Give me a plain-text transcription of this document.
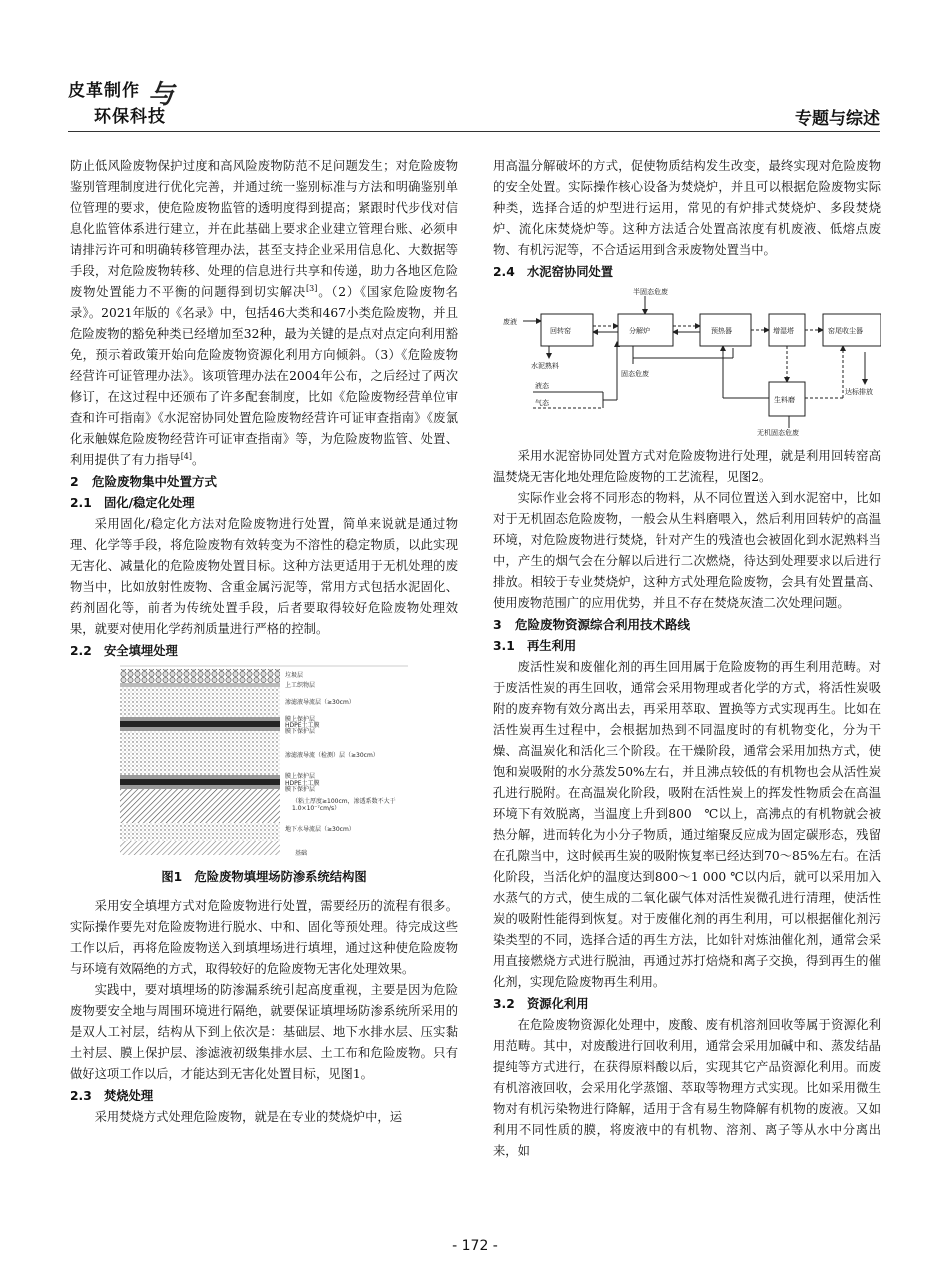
皮革制作 与
环保科技	专题与综述

防止低风险废物保护过度和高风险废物防范不足问题发生；对危险废物鉴别管理制度进行优化完善，并通过统一鉴别标准与方法和明确鉴别单位管理的要求，使危险废物监管的透明度得到提高；紧跟时代步伐对信息化监管体系进行建立，并在此基础上要求企业建立管理台账、必须申请排污许可和明确转移管理办法，甚至支持企业采用信息化、大数据等手段，对危险废物转移、处理的信息进行共享和传递，助力各地区危险废物处置能力不平衡的问题得到切实解决[3]。（2）《国家危险废物名录》。2021年版的《名录》中，包括46大类和467小类危险废物，并且危险废物的豁免种类已经增加至32种，最为关键的是点对点定向利用豁免，预示着政策开始向危险废物资源化利用方向倾斜。（3）《危险废物经营许可证管理办法》。该项管理办法在2004年公布，之后经过了两次修订，在这过程中还颁布了许多配套制度，比如《危险废物经营单位审查和许可指南》《水泥窑协同处置危险废物经营许可证审查指南》《废氯化汞触媒危险废物经营许可证审查指南》等，为危险废物监管、处置、利用提供了有力指导[4]。

2 危险废物集中处置方式
2.1 固化/稳定化处理

采用固化/稳定化方法对危险废物进行处置，简单来说就是通过物理、化学等手段，将危险废物有效转变为不溶性的稳定物质，以此实现无害化、减量化的危险废物处置目标。这种方法更适用于无机处理的废物当中，比如放射性废物、含重金属污泥等，常用方式包括水泥固化、药剂固化等，前者为传统处置手段，后者要取得较好危险废物处理效果，就要对使用化学药剂质量进行严格的控制。

2.2 安全填埋处理
垃圾层
上工织物层
渗滤液导流层（≥30cm）
膜上保护层
HDPE土工膜
膜下保护层
渗滤液导流（检测）层（≥30cm）
膜上保护层
HDPE土工膜
膜下保护层
（粘土厚度≥100cm，渗透系数不大于
1.0×10⁻⁷cm/s）
地下水导流层（≥30cm）
基础
图1　 危险废物填埋场防渗系统结构图

采用安全填埋方式对危险废物进行处置，需要经历的流程有很多。实际操作要先对危险废物进行脱水、中和、固化等预处理。待完成这些工作以后，再将危险废物送入到填埋场进行填埋，通过这种使危险废物与环境有效隔绝的方式，取得较好的危险废物无害化处理效果。

实践中，要对填埋场的防渗漏系统引起高度重视，主要是因为危险废物要安全地与周围环境进行隔绝，就要保证填埋场防渗系统所采用的是双人工衬层，结构从下到上依次是：基础层、地下水排水层、压实黏土衬层、膜上保护层、渗滤液初级集排水层、土工布和危险废物。只有做好这项工作以后，才能达到无害化处置目标，见图1。

2.3 焚烧处理

采用焚烧方式处理危险废物，就是在专业的焚烧炉中，运

用高温分解破坏的方式，促使物质结构发生改变，最终实现对危险废物的安全处置。实际操作核心设备为焚烧炉，并且可以根据危险废物实际种类，选择合适的炉型进行运用，常见的有炉排式焚烧炉、多段焚烧炉、流化床焚烧炉等。这种方法适合处置高浓度有机废液、低熔点废物、有机污泥等，不合适运用到含汞废物处置当中。

2.4 水泥窑协同处置
废液
回转窑
半固态危废
分解炉	预热器	增湿塔	窑尾收尘器
水泥熟料
固态危废
液态
气态	生料磨
达标排放
无机固态危废

采用水泥窑协同处置方式对危险废物进行处理，就是利用回转窑高温焚烧无害化地处理危险废物的工艺流程，见图2。

实际作业会将不同形态的物料，从不同位置送入到水泥窑中，比如对于无机固态危险废物，一般会从生料磨喂入，然后利用回转炉的高温环境，对危险废物进行焚烧，针对产生的残渣也会被固化到水泥熟料当中，产生的烟气会在分解以后进行二次燃烧，待达到处理要求以后进行排放。相较于专业焚烧炉，这种方式处理危险废物，会具有处置量高、使用废物范围广的应用优势，并且不存在焚烧灰渣二次处理问题。

3 危险废物资源综合利用技术路线
3.1 再生利用

废活性炭和废催化剂的再生回用属于危险废物的再生利用范畴。对于废活性炭的再生回收，通常会采用物理或者化学的方式，将活性炭吸附的废弃物有效分离出去，再采用萃取、置换等方式实现再生。比如在活性炭再生过程中，会根据加热到不同温度时的有机物变化，分为干燥、高温炭化和活化三个阶段。在干燥阶段，通常会采用加热方式，使饱和炭吸附的水分蒸发50%左右，并且沸点较低的有机物也会从活性炭孔进行脱附。在高温炭化阶段，吸附在活性炭上的挥发性物质会在高温环境下有效脱离，当温度上升到800　℃以上，高沸点的有机物就会被热分解，进而转化为小分子物质，通过缩聚反应成为固定碳形态，残留在孔隙当中，这时候再生炭的吸附恢复率已经达到70～85%左右。在活化阶段，当活化炉的温度达到800～1 000 ℃以内后，就可以采用加入水蒸气的方式，使生成的二氧化碳气体对活性炭微孔进行清理，使活性炭的吸附性能得到恢复。对于废催化剂的再生利用，可以根据催化剂污染类型的不同，选择合适的再生方法，比如针对炼油催化剂，通常会采用直接燃烧方式进行脱油，再通过苏打焙烧和离子交换，得到再生的催化剂，实现危险废物再生利用。

3.2 资源化利用

在危险废物资源化处理中，废酸、废有机溶剂回收等属于资源化利用范畴。其中，对废酸进行回收利用，通常会采用加碱中和、蒸发结晶提纯等方式进行，在获得原料酸以后，实现其它产品资源化利用。而废有机溶液回收，会采用化学蒸馏、萃取等物理方式实现。比如采用微生物对有机污染物进行降解，适用于含有易生物降解有机物的废液。又如利用不同性质的膜，将废液中的有机物、溶剂、离子等从水中分离出来，如

- 172 -
